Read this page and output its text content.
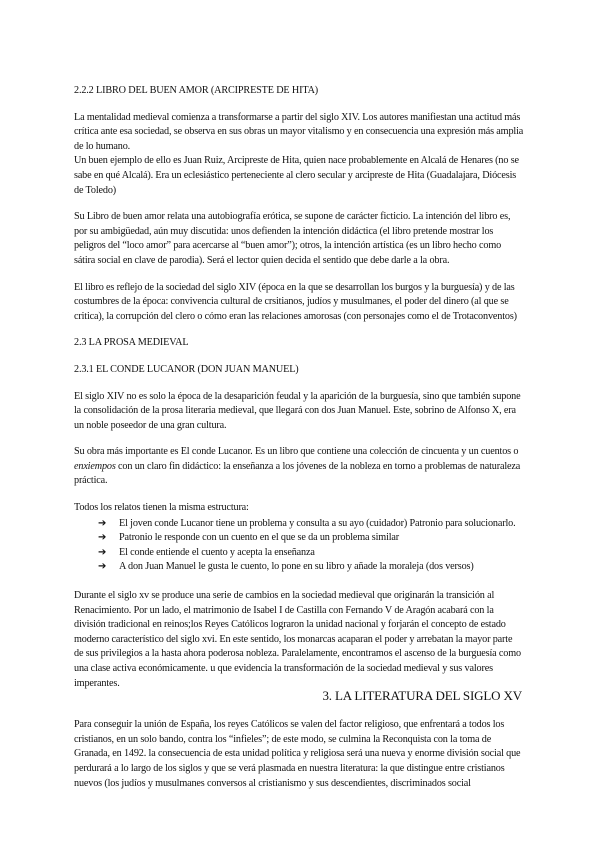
2.2.2 LIBRO DEL BUEN AMOR (ARCIPRESTE DE HITA)

La mentalidad medieval comienza a transformarse a partir del siglo XIV. Los autores manifiestan una actitud más crítica ante esa sociedad, se observa en sus obras un mayor vitalismo y en consecuencia una expresión más amplia de lo humano.

Un buen ejemplo de ello es Juan Ruiz, Arcipreste de Hita, quien nace probablemente en Alcalá de Henares (no se sabe en qué Alcalá). Era un eclesiástico perteneciente al clero secular y arcipreste de Hita (Guadalajara, Diócesis de Toledo)

Su Libro de buen amor relata una autobiografía erótica, se supone de carácter ficticio. La intención del libro es, por su ambigüedad, aún muy discutida: unos defienden la intención didáctica (el libro pretende mostrar los peligros del “loco amor” para acercarse al “buen amor”); otros, la intención artística (es un libro hecho como sátira social en clave de parodia). Será el lector quien decida el sentido que debe darle a la obra.

El libro es reflejo de la sociedad del siglo XIV (época en la que se desarrollan los burgos y la burguesía) y de las costumbres de la época: convivencia cultural de crsitianos, judíos y musulmanes, el poder del dinero (al que se critica), la corrupción del clero o cómo eran las relaciones amorosas (con personajes como el de Trotaconventos)

2.3 LA PROSA MEDIEVAL
2.3.1 EL CONDE LUCANOR (DON JUAN MANUEL)

El siglo XIV no es solo la época de la desaparición feudal y la aparición de la burguesía, sino que también supone la consolidación de la prosa literaria medieval, que llegará con dos Juan Manuel. Este, sobrino de Alfonso X, era un noble poseedor de una gran cultura.

Su obra más importante es El conde Lucanor. Es un libro que contiene una colección de cincuenta y un cuentos o enxiempos con un claro fin didáctico: la enseñanza a los jóvenes de la nobleza en torno a problemas de naturaleza práctica.

Todos los relatos tienen la misma estructura:

➔ El joven conde Lucanor tiene un problema y consulta a su ayo (cuidador) Patronio para solucionarlo.
➔ Patronio le responde con un cuento en el que se da un problema similar
➔ El conde entiende el cuento y acepta la enseñanza
➔ A don Juan Manuel le gusta le cuento, lo pone en su libro y añade la moraleja (dos versos)

Durante el siglo xv se produce una serie de cambios en la sociedad medieval que originarán la transición al Renacimiento. Por un lado, el matrimonio de Isabel I de Castilla con Fernando V de Aragón acabará con la división tradicional en reinos;los Reyes Católicos lograron la unidad nacional y forjarán el concepto de estado moderno característico del siglo xvi. En este sentido, los monarcas acaparan el poder y arrebatan la mayor parte de sus privilegios a la hasta ahora poderosa nobleza. Paralelamente, encontramos el ascenso de la burguesía como una clase activa económicamente. u que evidencia la transformación de la sociedad medieval y sus valores imperantes.

3. LA LITERATURA DEL SIGLO XV

Para conseguir la unión de España, los reyes Católicos se valen del factor religioso, que enfrentará a todos los cristianos, en un solo bando, contra los “infieles”; de este modo, se culmina la Reconquista con la toma de Granada, en 1492. la consecuencia de esta unidad política y religiosa será una nueva y enorme división social que perdurará a lo largo de los siglos y que se verá plasmada en nuestra literatura: la que distingue entre cristianos nuevos (los judíos y musulmanes conversos al cristianismo y sus descendientes, discriminados social
